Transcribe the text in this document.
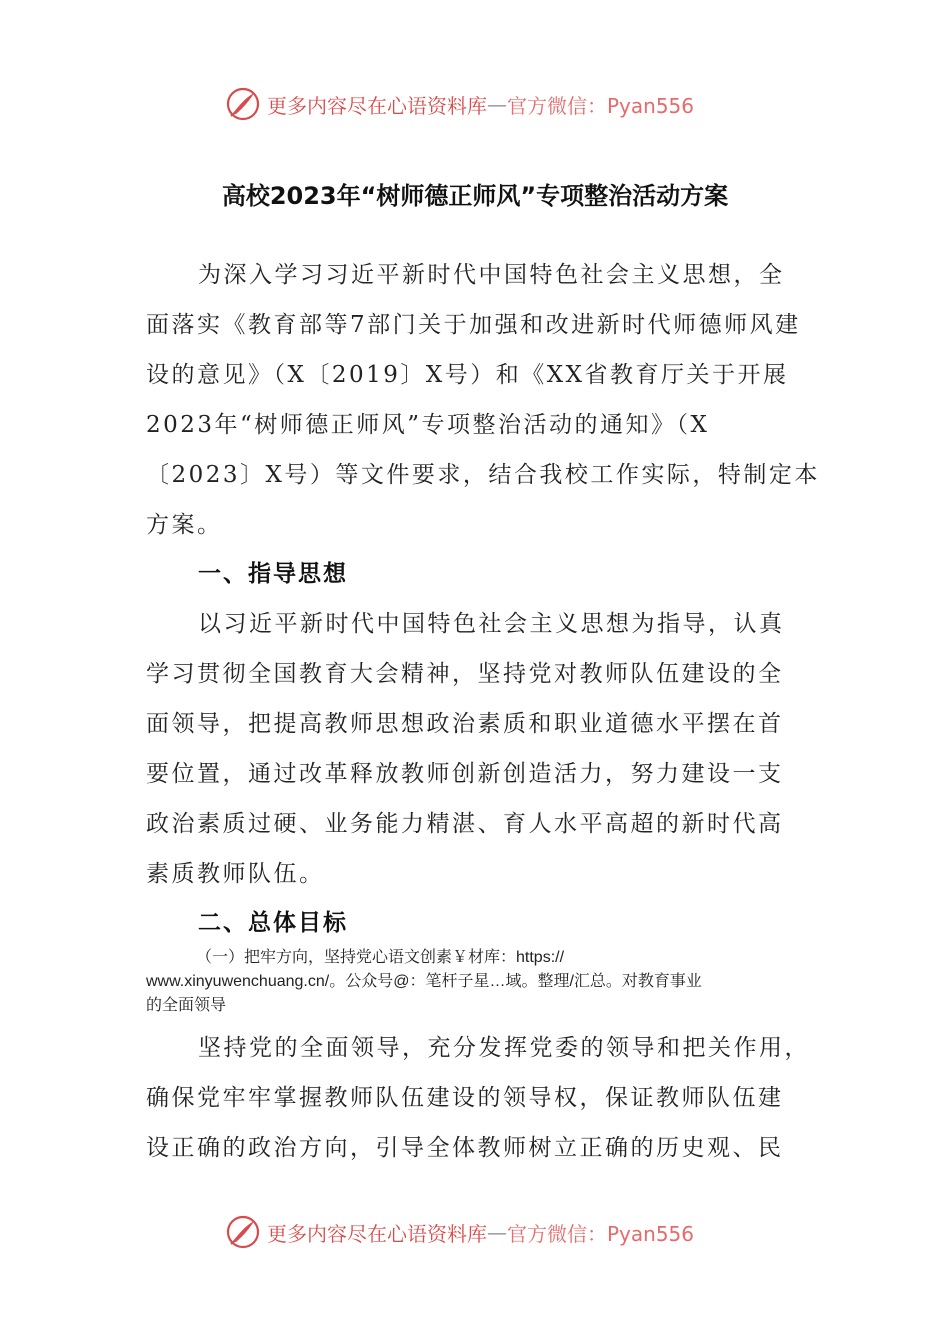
更多内容尽在心语资料库 — 官方微信：Pyan556
高校2023年“树师德正师风”专项整治活动方案
为深入学习习近平新时代中国特色社会主义思想，全
面落实《教育部等7部门关于加强和改进新时代师德师风建
设的意见》（X〔2019〕X号）和《XX省教育厅关于开展
2023年“树师德正师风”专项整治活动的通知》（X
〔2023〕X号）等文件要求，结合我校工作实际，特制定本
方案。
一、指导思想
以习近平新时代中国特色社会主义思想为指导，认真
学习贯彻全国教育大会精神，坚持党对教师队伍建设的全
面领导，把提高教师思想政治素质和职业道德水平摆在首
要位置，通过改革释放教师创新创造活力，努力建设一支
政治素质过硬、业务能力精湛、育人水平高超的新时代高
素质教师队伍。
二、总体目标
（一）把牢方向，坚持党心语文创素￥材库：https://
www.xinyuwenchuang.cn/。公众号@：笔杆子星…域。整理/汇总。对教育事业
的全面领导
坚持党的全面领导，充分发挥党委的领导和把关作用，
确保党牢牢掌握教师队伍建设的领导权，保证教师队伍建
设正确的政治方向，引导全体教师树立正确的历史观、民
更多内容尽在心语资料库 — 官方微信：Pyan556
